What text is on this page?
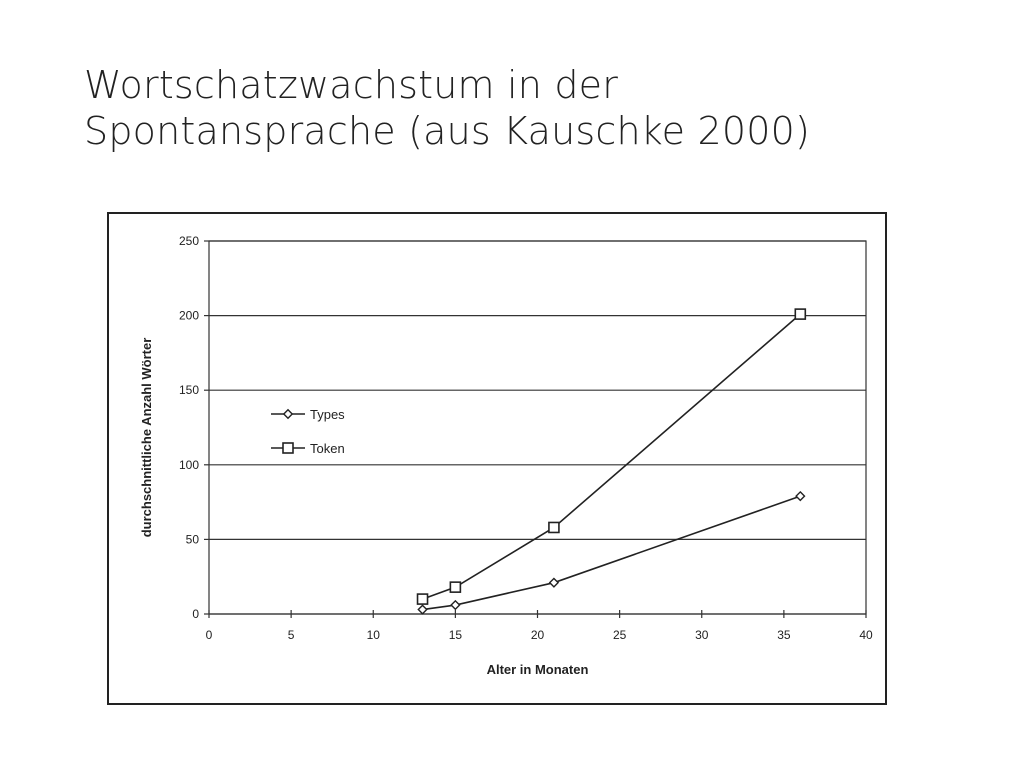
Wortschatzwachstum in der
Spontansprache (aus Kauschke 2000)
0
50
100
150
200
250
0	5	10	15	20	25	30	35	40
Types
Token
Alter in Monaten
durchschnittliche Anzahl Wörter
